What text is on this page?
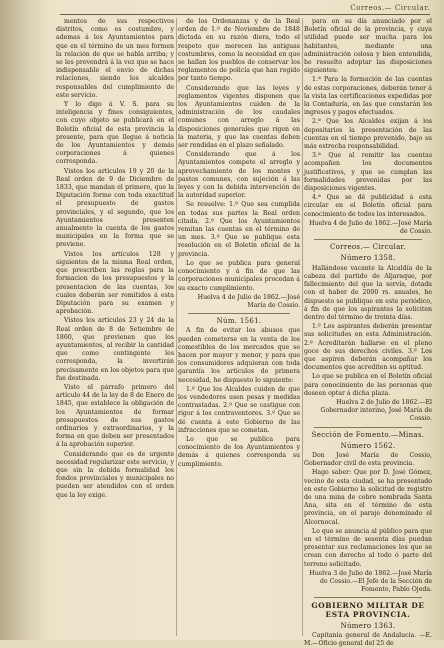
Correos.— Circular.

mentos de sus respectivos distritos, como es costumbre, y ademas á los Ayuntamientos para que en el término de un mes formen la relación de que se habla arriba; y se les prevendrá á la vez que se hace indispensable el envio de dichas relaciones, siendo los alcaldes responsables del cumplimiento de este servicio.

Y lo digo á V. S. para su inteligencia y fines consiguientes, con cuyo objeto se publicará en el Boletín oficial de esta provincia la presente, para que llegue á noticia de los Ayuntamientos y demás corporaciones á quienes corresponda.

Vistos los artículos 19 y 20 de la Real orden de 9 de Diciembre de 1833, que mandan el primero, que la Diputación forme con toda exactitud el presupuesto de gastos provinciales, y el segundo, que los Ayuntamientos presenten anualmente la cuenta de los gastos municipales en la forma que se previene.

Vistos los artículos 128 y siguientes de la misma Real orden, que prescriben las reglas para la formacion de los presupuestos y la presentacion de las cuentas, los cuales deberán ser remitidos á esta Diputación para su examen y aprobación.

Vistos los artículos 23 y 24 de la Real orden de 8 de Setiembre de 1860, que previenen que los ayuntamientos, al recibir la cantidad que como contingente les corresponda, la invertirán precisamente en los objetos para que fue destinada.

Visto el párrafo primero del artículo 44 de la ley de 8 de Enero de 1845, que establece la obligación de los Ayuntamientos de formar presupuestos de sus gastos ordinarios y extraordinarios, y la forma en que deben ser presentados á la aprobación superior.

Considerando que es de urgente necesidad regularizar este servicio, y que sin la debida formalidad los fondos provinciales y municipales no pueden ser atendidos con el orden que la ley exige.

de los Ordenanzas y de la Real orden de 1.º de Noviembre de 1848 dictada en su razón diera, todo el respeto que merecen las antiguas costumbres, como la necesidad en que se hallan los pueblos de conservar los reglamentos de policía que han regido por tanto tiempo.

Considerando que las leyes y reglamentos vigentes disponen que los Ayuntamientos cuiden de la administración de los caudales comunes con arreglo á las disposiciones generales que rigen en la materia, y que las cuentas deben ser rendidas en el plazo señalado.

Considerando que á los Ayuntamientos compete el arreglo y aprovechamiento de los montes y pastos comunes, con sujeción á las leyes y con la debida intervención de la autoridad superior.

Se resuelve: 1.º Que sea cumplida en todas sus partes la Real orden citada. 2.º Que los Ayuntamientos remitan las cuentas en el término de un mes. 3.º Que se publique esta resolución en el Boletín oficial de la provincia.

Lo que se publica para general conocimiento y á fin de que las corporaciones municipales procedan á su exacto cumplimiento.

Huelva 4 de Julio de 1862.—José María de Cossio.
Núm. 1561.

A fin de evitar los abusos que pueden cometerse en la venta de los comestibles de los mercados que se hacen por mayor y menor, y para que los consumidores adquieran con toda garantía los artículos de primera necesidad, he dispuesto lo siguiente:

1.º Que los Alcaldes cuiden de que los vendedores usen pesas y medidas contrastadas. 2.º Que se castigue con rigor á los contraventores. 3.º Que se dé cuenta á este Gobierno de las infracciones que se cometan.

Lo que se publica para conocimiento de los Ayuntamientos y demás á quienes corresponda su cumplimiento.

para en su día anunciado por el Boletín oficial de la provincia, y cuya utilidad puede ser mucha para los habitantes, mediante una administración celosa y bien entendida, he resuelto adoptar las disposiciones siguientes:

1.ª Para la formación de las cuentas de estas corporaciones, deberán tener á la vista las certificaciones expedidas por la Contaduría, en las que constarán los ingresos y pagos efectuados.

2.ª Que los Alcaldes exijan á los depositarios la presentación de las cuentas en el tiempo prevenido, bajo su más estrecha responsabilidad.

3.ª Que al remitir las cuentas acompañen los documentos justificativos, y que se cumplan las formalidades prevenidas por las disposiciones vigentes.

4.ª Que se dé publicidad á esta circular en el Boletín oficial para conocimiento de todos los interesados.

Huelva 4 de Julio de 1862.—José María de Cossio.
Correos.— Circular.
Número 1358.

Hallándose vacante la Alcaldía de la cabeza del partido de Aljaraque, por fallecimiento del que la servía, dotada con el haber de 2000 rs. anuales, he dispuesto se publique en este periódico, á fin de que los aspirantes la soliciten dentro del término de treinta días.

1.º Los aspirantes deberán presentar sus solicitudes en esta Administración. 2.º Acreditarán hallarse en el pleno goce de sus derechos civiles. 3.º Los que aspiren deberán acompañar los documentos que acrediten su aptitud.

Lo que se publica en el Boletín oficial para conocimiento de las personas que deseen optar á dicha plaza.

Huelva 2 de Julio de 1862.—El Gobernador interino, José María de Cossio.
Sección de Fomento.—Minas.
Número 1562.

Don José María de Cossio, Gobernador civil de esta provincia.

Hago saber: Que por D. José Gómez, vecino de esta ciudad, se ha presentado en este Gobierno la solicitud de registro de una mina de cobre nombrada Santa Ana, sita en el término de esta provincia, en el paraje denominado el Alcornocal.

Lo que se anuncia al público para que en el término de sesenta días puedan presentar sus reclamaciones los que se crean con derecho al todo ó parte del terreno solicitado.

Huelva 3 de Julio de 1862.—José María de Cossio.—El Jefe de la Sección de Fomento, Pablo Ojeda.
GOBIERNO MILITAR DE ESTA PROVINCIA.
Número 1363.

Capitanía general de Andalucía. —E. M.—Oficio general del 25 de
